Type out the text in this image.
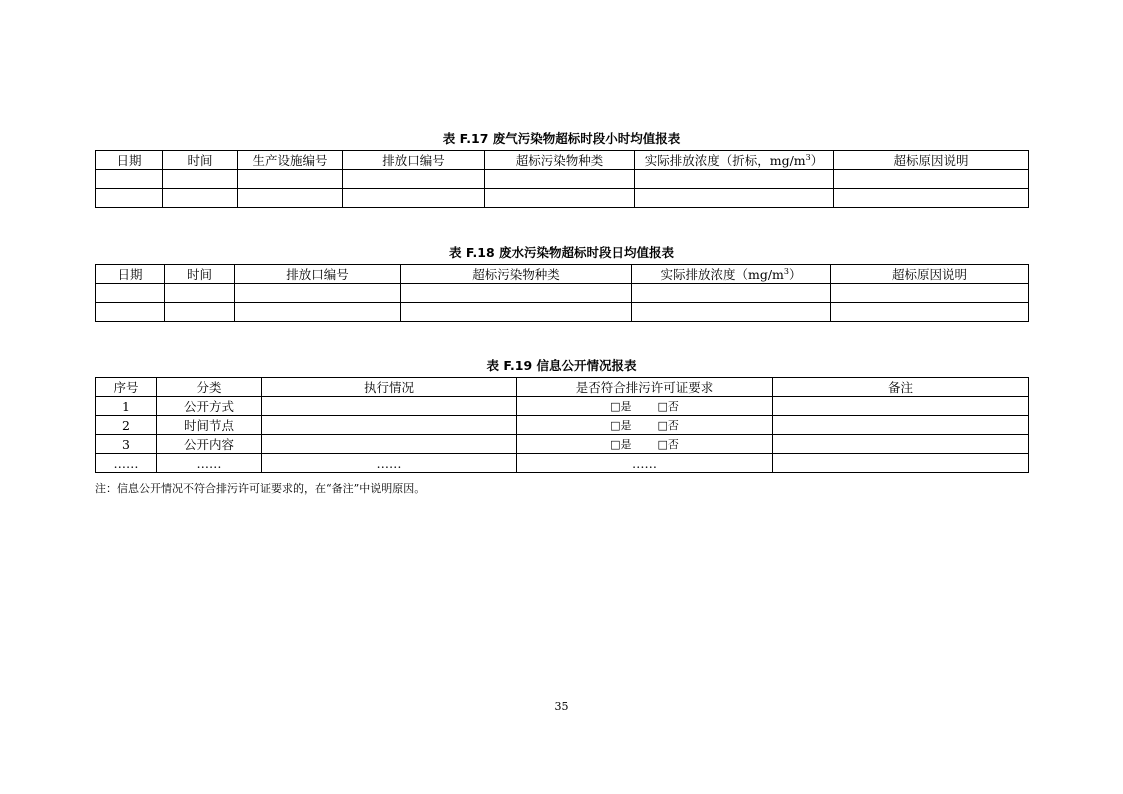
表 F.17 废气污染物超标时段小时均值报表
日期	时间	生产设施编号	排放口编号	超标污染物种类	实际排放浓度（折标，$mg/m^3$）	超标原因说明

表 F.18 废水污染物超标时段日均值报表
日期	时间	排放口编号	超标污染物种类	实际排放浓度$(mg/m^3)$	超标原因说明

表 F.19 信息公开情况报表
序号	分类	执行情况	是否符合排污许可证要求	备注
1	公开方式		□是 □否	
2	时间节点		□是 □否	
3	公开内容		□是 □否	
……	……	……	……	
注：信息公开情况不符合排污许可证要求的，在“备注”中说明原因。
35
